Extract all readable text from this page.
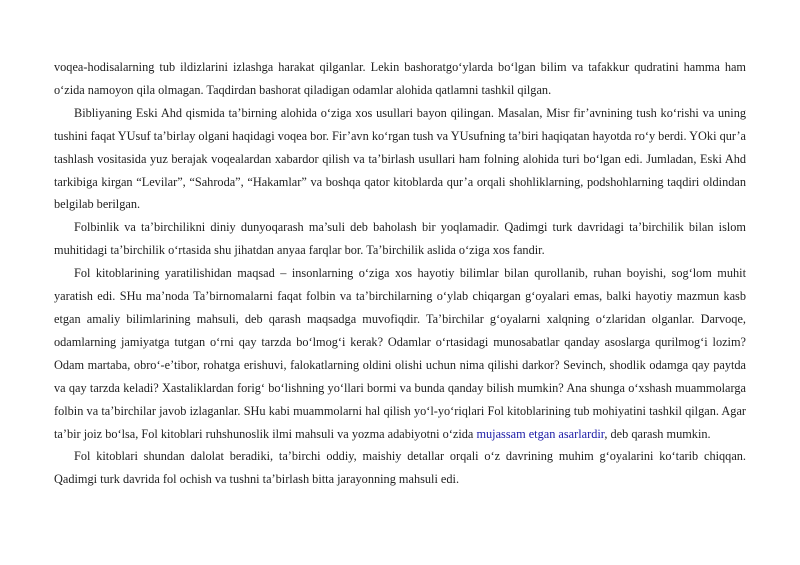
voqea-hodisalarning tub ildizlarini izlashga harakat qilganlar. Lekin bashoratgo‘ylarda bo‘lgan bilim va tafakkur qudratini hamma ham o‘zida namoyon qila olmagan. Taqdirdan bashorat qiladigan odamlar alohida qatlamni tashkil qilgan.

Bibliyaning Eski Ahd qismida ta’birning alohida o‘ziga xos usullari bayon qilingan. Masalan, Misr fir’avnining tush ko‘rishi va uning tushini faqat YUsuf ta’birlay olgani haqidagi voqea bor. Fir’avn ko‘rgan tush va YUsufning ta’biri haqiqatan hayotda ro‘y berdi. YOki qur’a tashlash vositasida yuz berajak voqealardan xabardor qilish va ta’birlash usullari ham folning alohida turi bo‘lgan edi. Jumladan, Eski Ahd tarkibiga kirgan “Levilar”, “Sahroda”, “Hakamlar” va boshqa qator kitoblarda qur’a orqali shohliklarning, podshohlarning taqdiri oldindan belgilab berilgan.

Folbinlik va ta’birchilikni diniy dunyoqarash ma’suli deb baholash bir yoqlamadir. Qadimgi turk davridagi ta’birchilik bilan islom muhitidagi ta’birchilik o‘rtasida shu jihatdan anyaa farqlar bor. Ta’birchilik aslida o‘ziga xos fandir.

Fol kitoblarining yaratilishidan maqsad – insonlarning o‘ziga xos hayotiy bilimlar bilan qurollanib, ruhan boyishi, sog‘lom muhit yaratish edi. SHu ma’noda Ta’birnomalarni faqat folbin va ta’birchilarning o‘ylab chiqargan g‘oyalari emas, balki hayotiy mazmun kasb etgan amaliy bilimlarining mahsuli, deb qarash maqsadga muvofiqdir. Ta’birchilar g‘oyalarni xalqning o‘zlaridan olganlar. Darvoqe, odamlarning jamiyatga tutgan o‘rni qay tarzda bo‘lmog‘i kerak? Odamlar o‘rtasidagi munosabatlar qanday asoslarga qurilmog‘i lozim? Odam martaba, obro‘-e’tibor, rohatga erishuvi, falokatlarning oldini olishi uchun nima qilishi darkor? Sevinch, shodlik odamga qay paytda va qay tarzda keladi? Xastaliklardan forig‘ bo‘lishning yo‘llari bormi va bunda qanday bilish mumkin? Ana shunga o‘xshash muammolarga folbin va ta’birchilar javob izlaganlar. SHu kabi muammolarni hal qilish yo‘l-yo‘riqlari Fol kitoblarining tub mohiyatini tashkil qilgan. Agar ta’bir joiz bo‘lsa, Fol kitoblari ruhshunoslik ilmi mahsuli va yozma adabiyotni o‘zida mujassam etgan asarlardir, deb qarash mumkin.

Fol kitoblari shundan dalolat beradiki, ta’birchi oddiy, maishiy detallar orqali o‘z davrining muhim g‘oyalarini ko‘tarib chiqqan. Qadimgi turk davrida fol ochish va tushni ta’birlash bitta jarayonning mahsuli edi.
